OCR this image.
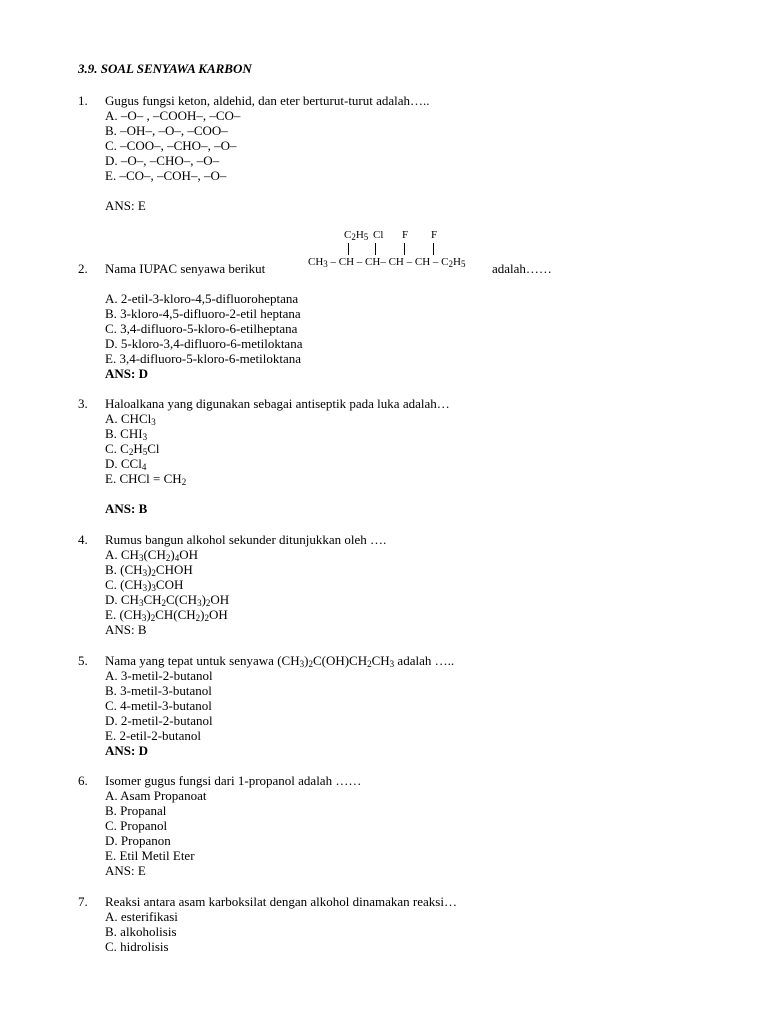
3.9. SOAL SENYAWA KARBON
1. Gugus fungsi keton, aldehid, dan eter berturut-turut adalah…..
A. –O– , –COOH–, –CO–
B. –OH–, –O–, –COO–
C. –COO–, –CHO–, –O–
D. –O–, –CHO–, –O–
E. –CO–, –COH–, –O–
ANS: E
$C_2H_5$ Cl F F
$CH_3$ – CH – CH– CH – CH – $C_2H_5$
2. Nama IUPAC senyawa berikut
A. 2-etil-3-kloro-4,5-difluoroheptana
B. 3-kloro-4,5-difluoro-2-etil heptana
C. 3,4-difluoro-5-kloro-6-etilheptana
D. 5-kloro-3,4-difluoro-6-metiloktana
E. 3,4-difluoro-5-kloro-6-metiloktana
ANS: D
adalah……
3. Haloalkana yang digunakan sebagai antiseptik pada luka adalah…
A. CHCl$_3$
B. $CHI_3$
C. $C_2H_5Cl$
D. CCl$_4$
E. CHCl = $CH_2$
ANS: B
4. Rumus bangun alkohol sekunder ditunjukkan oleh ….
A. $CH_3(CH_2)_4OH$
B. $(CH_3)_2CHOH$
C. $(CH_3)_3COH$
D. $CH_3CH_2C(CH_3)_2OH$
E. $(CH_3)_2CH(CH_2)_2OH$
ANS: B
5. Nama yang tepat untuk senyawa $(CH_3)_2C(OH)CH_2CH_3$ adalah …..
A. 3-metil-2-butanol
B. 3-metil-3-butanol
C. 4-metil-3-butanol
D. 2-metil-2-butanol
E. 2-etil-2-butanol
ANS: D
6. Isomer gugus fungsi dari 1-propanol adalah ……
A. Asam Propanoat
B. Propanal
C. Propanol
D. Propanon
E. Etil Metil Eter
ANS: E
7. Reaksi antara asam karboksilat dengan alkohol dinamakan reaksi…
A. esterifikasi
B. alkoholisis
C. hidrolisis
